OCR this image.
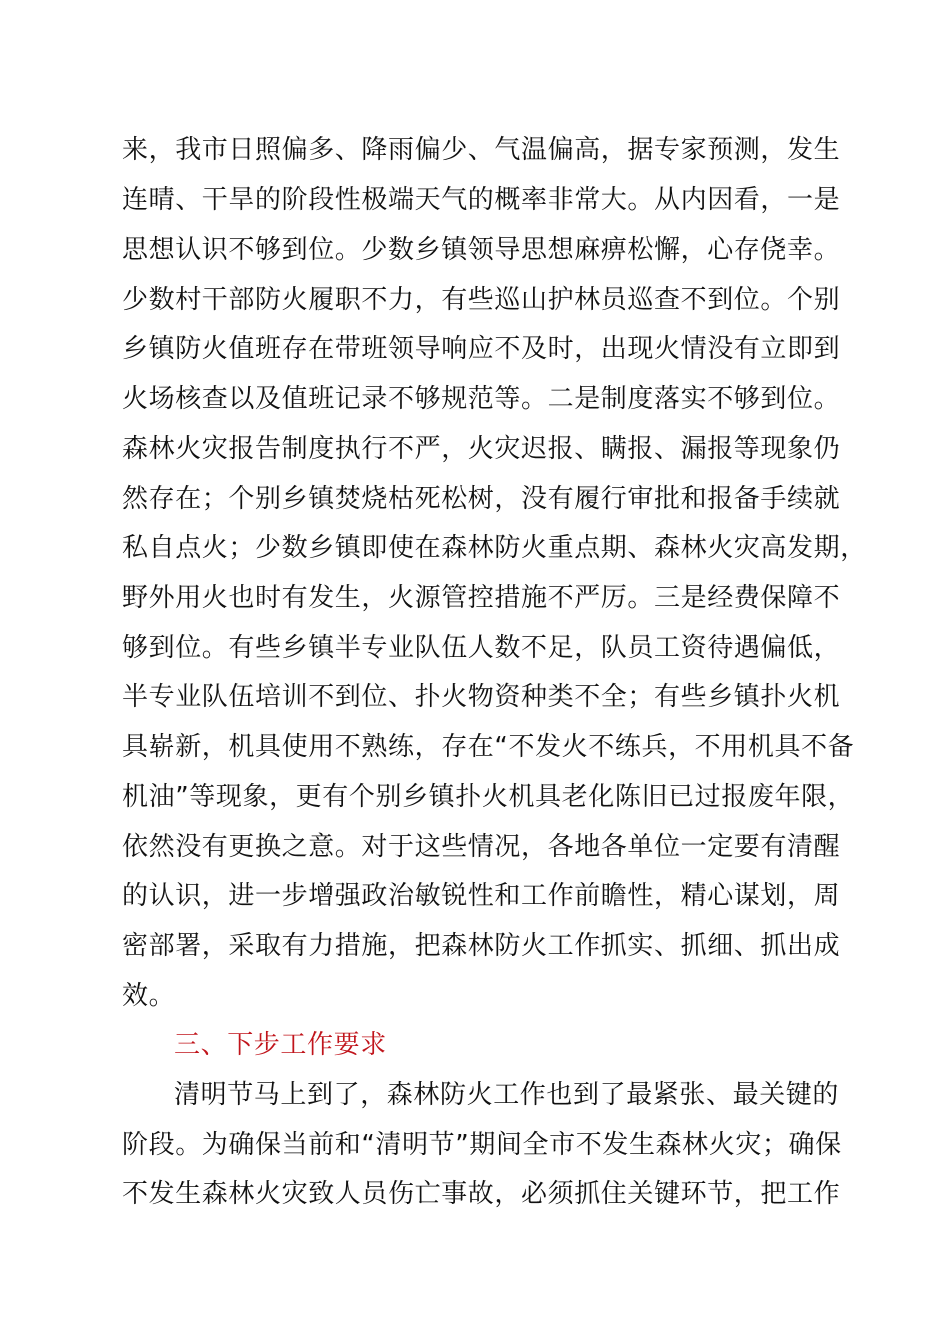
来，我市日照偏多、降雨偏少、气温偏高，据专家预测，发生
连晴、干旱的阶段性极端天气的概率非常大。从内因看，一是
思想认识不够到位。少数乡镇领导思想麻痹松懈，心存侥幸。
少数村干部防火履职不力，有些巡山护林员巡查不到位。个别
乡镇防火值班存在带班领导响应不及时，出现火情没有立即到
火场核查以及值班记录不够规范等。二是制度落实不够到位。
森林火灾报告制度执行不严，火灾迟报、瞒报、漏报等现象仍
然存在；个别乡镇焚烧枯死松树，没有履行审批和报备手续就
私自点火；少数乡镇即使在森林防火重点期、森林火灾高发期，
野外用火也时有发生，火源管控措施不严厉。三是经费保障不
够到位。有些乡镇半专业队伍人数不足，队员工资待遇偏低，
半专业队伍培训不到位、扑火物资种类不全；有些乡镇扑火机
具崭新，机具使用不熟练，存在“不发火不练兵，不用机具不备
机油”等现象，更有个别乡镇扑火机具老化陈旧已过报废年限，
依然没有更换之意。对于这些情况，各地各单位一定要有清醒
的认识，进一步增强政治敏锐性和工作前瞻性，精心谋划，周
密部署，采取有力措施，把森林防火工作抓实、抓细、抓出成
效。
三、下步工作要求
清明节马上到了，森林防火工作也到了最紧张、最关键的
阶段。为确保当前和“清明节”期间全市不发生森林火灾；确保
不发生森林火灾致人员伤亡事故，必须抓住关键环节，把工作
